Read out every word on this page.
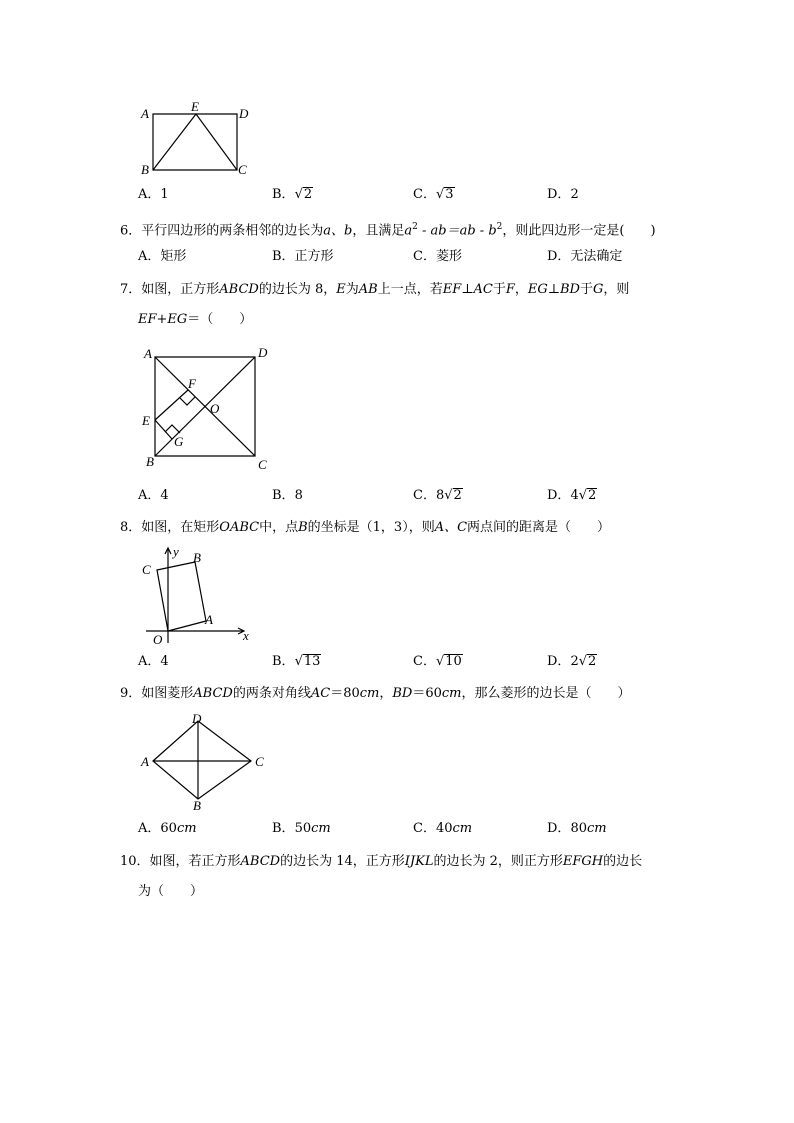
A	E	D
B	C
A．1	B．√2	C．√3	D．2
6．平行四边形的两条相邻的边长为a、b，且满足$a^2 - ab=ab - b^2$，则此四边形一定是(　　)
A．矩形	B．正方形	C．菱形	D．无法确定
7．如图，正方形ABCD的边长为 8，E为AB上一点，若EF⊥AC于F，EG⊥BD于G，则
EF+EG＝（　　）
A	D
F
O
E
G
B	C
A．4	B．8	C．8√2	D．4√2
8．如图，在矩形OABC中，点B的坐标是（1，3），则A、C两点间的距离是（　　）
y
C
B
A
O	x
A．4	B．√13	C．√10	D．2√2
9．如图菱形ABCD的两条对角线AC＝80cm，BD＝60cm，那么菱形的边长是（　　）
D
A	C
B
A．60cm	B．50cm	C．40cm	D．80cm
10．如图，若正方形ABCD的边长为 14，正方形IJKL的边长为 2，则正方形EFGH的边长
为（　　）
